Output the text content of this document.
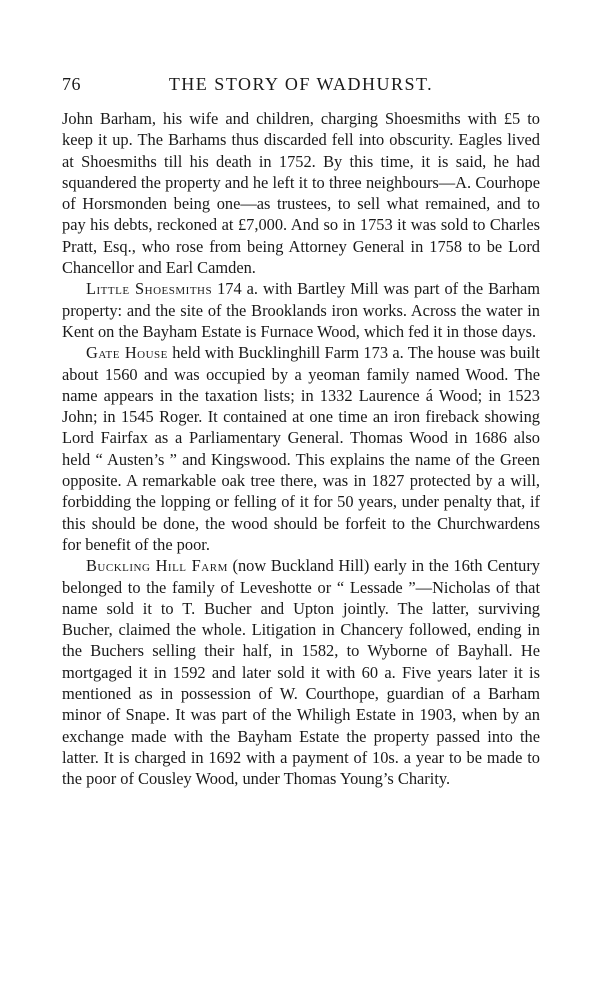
76	THE STORY OF WADHURST.

John Barham, his wife and children, charging Shoesmiths with £5 to keep it up. The Barhams thus discarded fell into obscurity. Eagles lived at Shoesmiths till his death in 1752. By this time, it is said, he had squandered the property and he left it to three neighbours—A. Courhope of Horsmonden being one—as trustees, to sell what remained, and to pay his debts, reckoned at £7,000. And so in 1753 it was sold to Charles Pratt, Esq., who rose from being Attorney General in 1758 to be Lord Chancellor and Earl Camden.

Little Shoesmiths 174 a. with Bartley Mill was part of the Barham property: and the site of the Brooklands iron works. Across the water in Kent on the Bayham Estate is Furnace Wood, which fed it in those days.

Gate House held with Bucklinghill Farm 173 a. The house was built about 1560 and was occupied by a yeoman family named Wood. The name appears in the taxation lists; in 1332 Laurence á Wood; in 1523 John; in 1545 Roger. It contained at one time an iron fireback showing Lord Fairfax as a Parliamentary General. Thomas Wood in 1686 also held “ Austen’s ” and Kingswood. This explains the name of the Green opposite. A remarkable oak tree there, was in 1827 protected by a will, forbidding the lopping or felling of it for 50 years, under penalty that, if this should be done, the wood should be forfeit to the Churchwardens for benefit of the poor.

Buckling Hill Farm (now Buckland Hill) early in the 16th Century belonged to the family of Leveshotte or “ Lessade ”—Nicholas of that name sold it to T. Bucher and Upton jointly. The latter, surviving Bucher, claimed the whole. Litigation in Chancery followed, ending in the Buchers selling their half, in 1582, to Wyborne of Bayhall. He mortgaged it in 1592 and later sold it with 60 a. Five years later it is mentioned as in possession of W. Courthope, guardian of a Barham minor of Snape. It was part of the Whiligh Estate in 1903, when by an exchange made with the Bayham Estate the property passed into the latter. It is charged in 1692 with a payment of 10s. a year to be made to the poor of Cousley Wood, under Thomas Young’s Charity.
